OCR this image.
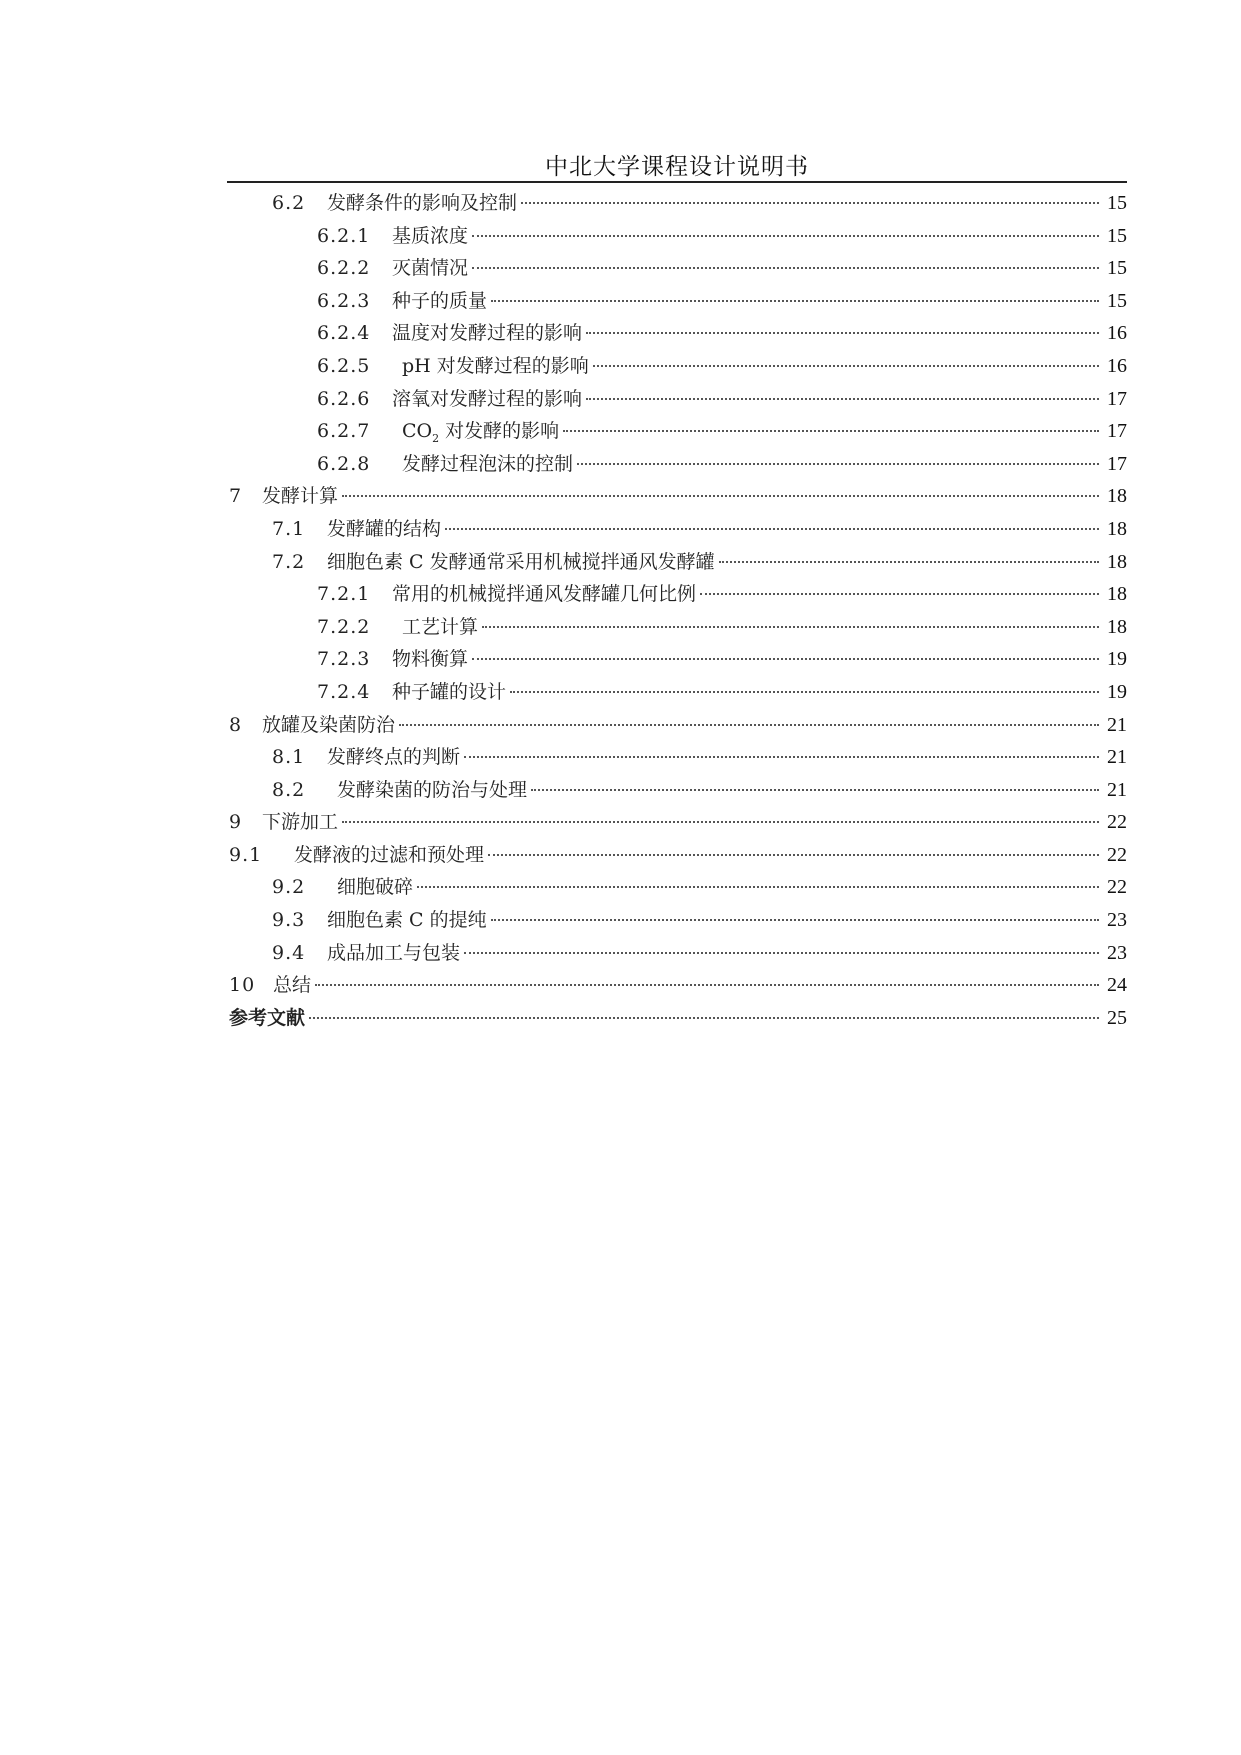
中北大学课程设计说明书
6.2	发酵条件的影响及控制	15
6.2.1	基质浓度	15
6.2.2	灭菌情况	15
6.2.3	种子的质量	15
6.2.4	温度对发酵过程的影响	16
6.2.5	pH 对发酵过程的影响	16
6.2.6	溶氧对发酵过程的影响	17
6.2.7	$CO_2$ 对发酵的影响	17
6.2.8	发酵过程泡沫的控制	17
7	发酵计算	18
7.1	发酵罐的结构	18
7.2	细胞色素 C 发酵通常采用机械搅拌通风发酵罐	18
7.2.1	常用的机械搅拌通风发酵罐几何比例	18
7.2.2	工艺计算	18
7.2.3	物料衡算	19
7.2.4	种子罐的设计	19
8	放罐及染菌防治	21
8.1	发酵终点的判断	21
8.2	发酵染菌的防治与处理	21
9	下游加工	22
9.1	发酵液的过滤和预处理	22
9.2	细胞破碎	22
9.3	细胞色素 C 的提纯	23
9.4	成品加工与包装	23
10 总结	24
参考文献	25
